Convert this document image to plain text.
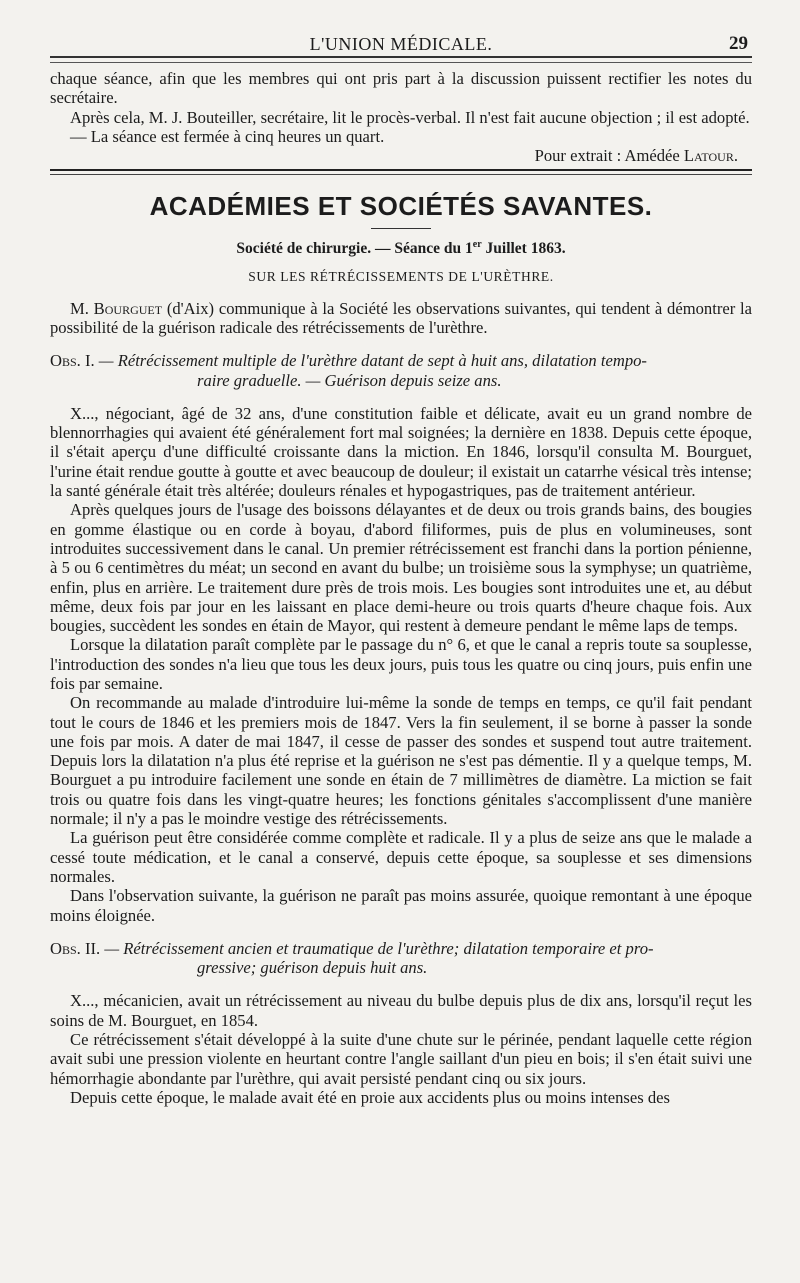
L'UNION MÉDICALE.	29

chaque séance, afin que les membres qui ont pris part à la discussion puissent rectifier les notes du secrétaire.

Après cela, M. J. Bouteiller, secrétaire, lit le procès-verbal. Il n'est fait aucune objection ; il est adopté.

— La séance est fermée à cinq heures un quart.

Pour extrait : Amédée Latour.

ACADÉMIES ET SOCIÉTÉS SAVANTES.
Société de chirurgie. — Séance du 1er Juillet 1863.
SUR LES RÉTRÉCISSEMENTS DE L'URÈTHRE.

M. Bourguet (d'Aix) communique à la Société les observations suivantes, qui tendent à démontrer la possibilité de la guérison radicale des rétrécissements de l'urèthre.

Obs. I. — Rétrécissement multiple de l'urèthre datant de sept à huit ans, dilatation tempo-
raire graduelle. — Guérison depuis seize ans.

X..., négociant, âgé de 32 ans, d'une constitution faible et délicate, avait eu un grand nombre de blennorrhagies qui avaient été généralement fort mal soignées; la dernière en 1838. Depuis cette époque, il s'était aperçu d'une difficulté croissante dans la miction. En 1846, lorsqu'il consulta M. Bourguet, l'urine était rendue goutte à goutte et avec beaucoup de douleur; il existait un catarrhe vésical très intense; la santé générale était très altérée; douleurs rénales et hypogastriques, pas de traitement antérieur.

Après quelques jours de l'usage des boissons délayantes et de deux ou trois grands bains, des bougies en gomme élastique ou en corde à boyau, d'abord filiformes, puis de plus en volumineuses, sont introduites successivement dans le canal. Un premier rétrécissement est franchi dans la portion pénienne, à 5 ou 6 centimètres du méat; un second en avant du bulbe; un troisième sous la symphyse; un quatrième, enfin, plus en arrière. Le traitement dure près de trois mois. Les bougies sont introduites une et, au début même, deux fois par jour en les laissant en place demi-heure ou trois quarts d'heure chaque fois. Aux bougies, succèdent les sondes en étain de Mayor, qui restent à demeure pendant le même laps de temps.

Lorsque la dilatation paraît complète par le passage du n° 6, et que le canal a repris toute sa souplesse, l'introduction des sondes n'a lieu que tous les deux jours, puis tous les quatre ou cinq jours, puis enfin une fois par semaine.

On recommande au malade d'introduire lui-même la sonde de temps en temps, ce qu'il fait pendant tout le cours de 1846 et les premiers mois de 1847. Vers la fin seulement, il se borne à passer la sonde une fois par mois. A dater de mai 1847, il cesse de passer des sondes et suspend tout autre traitement. Depuis lors la dilatation n'a plus été reprise et la guérison ne s'est pas démentie. Il y a quelque temps, M. Bourguet a pu introduire facilement une sonde en étain de 7 millimètres de diamètre. La miction se fait trois ou quatre fois dans les vingt-quatre heures; les fonctions génitales s'accomplissent d'une manière normale; il n'y a pas le moindre vestige des rétrécissements.

La guérison peut être considérée comme complète et radicale. Il y a plus de seize ans que le malade a cessé toute médication, et le canal a conservé, depuis cette époque, sa souplesse et ses dimensions normales.

Dans l'observation suivante, la guérison ne paraît pas moins assurée, quoique remontant à une époque moins éloignée.

Obs. II. — Rétrécissement ancien et traumatique de l'urèthre; dilatation temporaire et pro-
gressive; guérison depuis huit ans.

X..., mécanicien, avait un rétrécissement au niveau du bulbe depuis plus de dix ans, lorsqu'il reçut les soins de M. Bourguet, en 1854.

Ce rétrécissement s'était développé à la suite d'une chute sur le périnée, pendant laquelle cette région avait subi une pression violente en heurtant contre l'angle saillant d'un pieu en bois; il s'en était suivi une hémorrhagie abondante par l'urèthre, qui avait persisté pendant cinq ou six jours.

Depuis cette époque, le malade avait été en proie aux accidents plus ou moins intenses des
